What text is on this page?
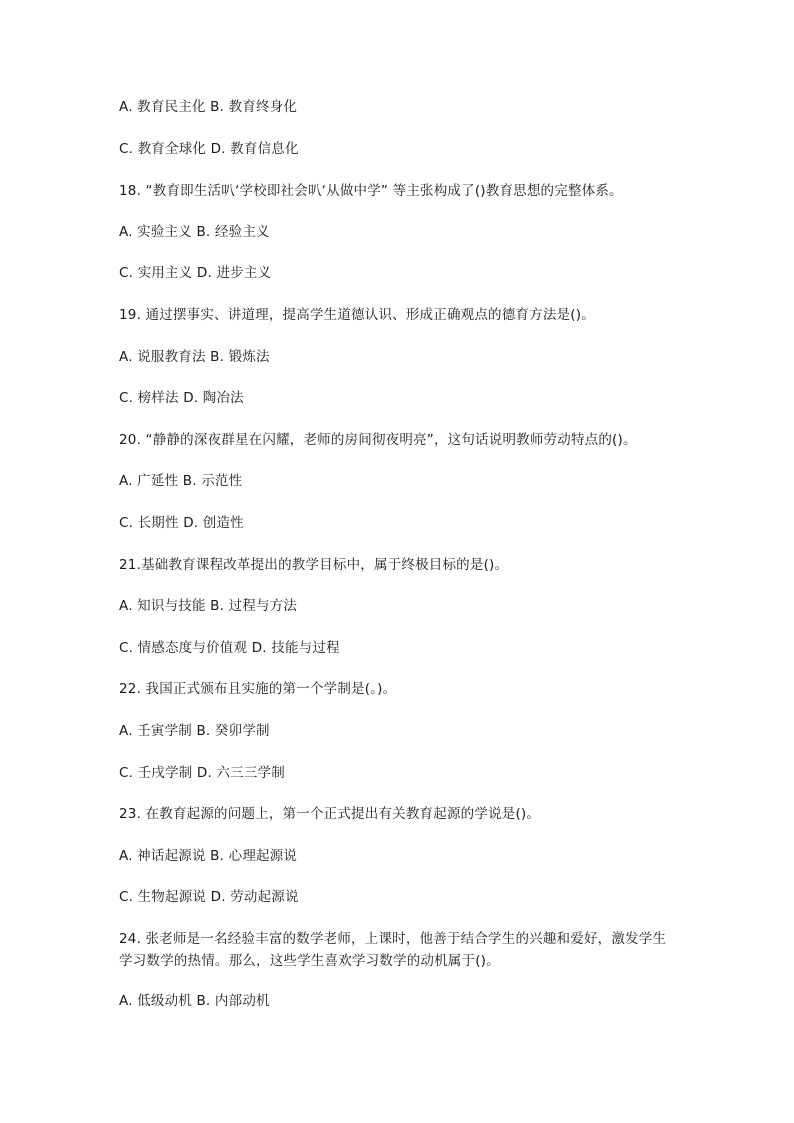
A. 教育民主化 B. 教育终身化
C. 教育全球化 D. 教育信息化
18. “教育即生活叭‘学校即社会叭‘从做中学” 等主张构成了()教育思想的完整体系。
A. 实验主义 B. 经验主义
C. 实用主义 D. 进步主义
19. 通过摆事实、讲道理，提高学生道德认识、形成正确观点的德育方法是()。
A. 说服教育法 B. 锻炼法
C. 榜样法 D. 陶冶法
20. “静静的深夜群星在闪耀，老师的房间彻夜明亮”，这句话说明教师劳动特点的()。
A. 广延性 B. 示范性
C. 长期性 D. 创造性
21.基础教育课程改革提出的教学目标中，属于终极目标的是()。
A. 知识与技能 B. 过程与方法
C. 情感态度与价值观 D. 技能与过程
22. 我国正式颁布且实施的第一个学制是(。)。
A. 壬寅学制 B. 癸卯学制
C. 壬戌学制 D. 六三三学制
23. 在教育起源的问题上，第一个正式提出有关教育起源的学说是()。
A. 神话起源说 B. 心理起源说
C. 生物起源说 D. 劳动起源说
24. 张老师是一名经验丰富的数学老师，上课时，他善于结合学生的兴趣和爱好，激发学生学习数学的热情。那么，这些学生喜欢学习数学的动机属于()。
A. 低级动机 B. 内部动机
